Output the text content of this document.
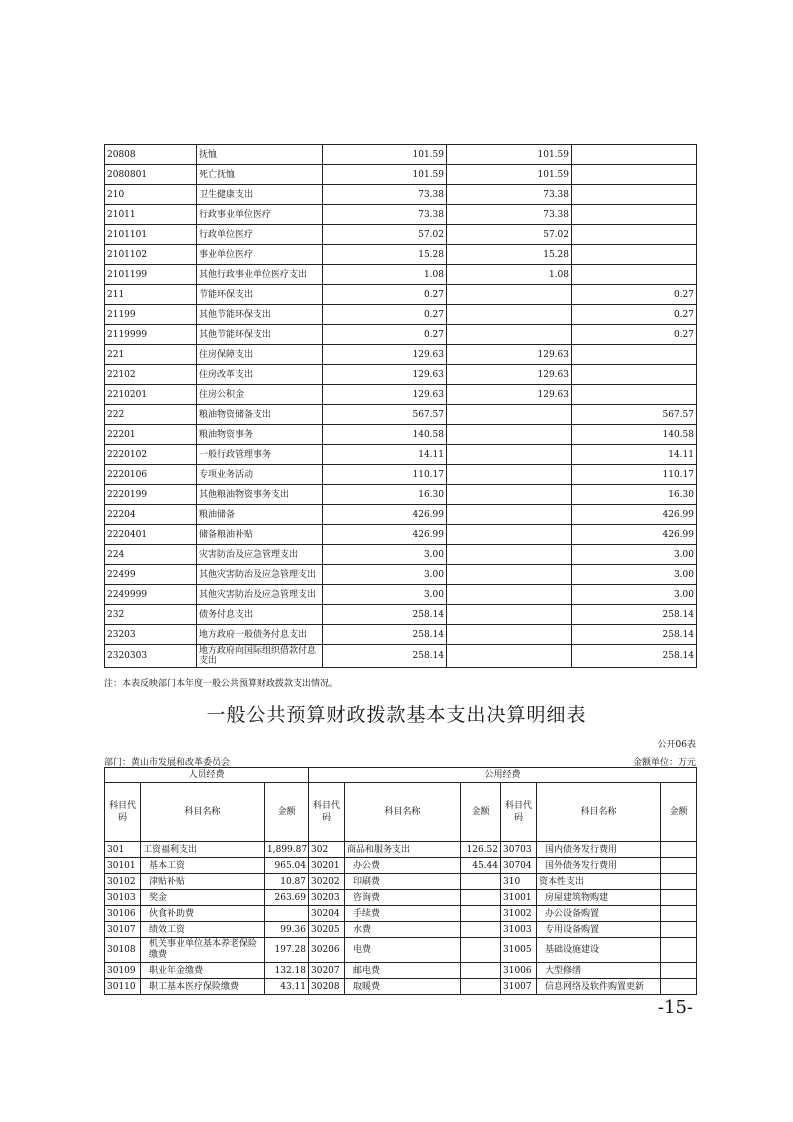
20808	抚恤	101.59	101.59	
2080801	死亡抚恤	101.59	101.59	
210	卫生健康支出	73.38	73.38	
21011	行政事业单位医疗	73.38	73.38	
2101101	行政单位医疗	57.02	57.02	
2101102	事业单位医疗	15.28	15.28	
2101199	其他行政事业单位医疗支出	1.08	1.08	
211	节能环保支出	0.27		0.27
21199	其他节能环保支出	0.27		0.27
2119999	其他节能环保支出	0.27		0.27
221	住房保障支出	129.63	129.63	
22102	住房改革支出	129.63	129.63	
2210201	住房公积金	129.63	129.63	
222	粮油物资储备支出	567.57		567.57
22201	粮油物资事务	140.58		140.58
2220102	一般行政管理事务	14.11		14.11
2220106	专项业务活动	110.17		110.17
2220199	其他粮油物资事务支出	16.30		16.30
22204	粮油储备	426.99		426.99
2220401	储备粮油补贴	426.99		426.99
224	灾害防治及应急管理支出	3.00		3.00
22499	其他灾害防治及应急管理支出	3.00		3.00
2249999	其他灾害防治及应急管理支出	3.00		3.00
232	债务付息支出	258.14		258.14
23203	地方政府一般债务付息支出	258.14		258.14
2320303	地方政府向国际组织借款付息支出	258.14		258.14
注：本表反映部门本年度一般公共预算财政拨款支出情况。
一般公共预算财政拨款基本支出决算明细表
公开06表
部门：黄山市发展和改革委员会	金额单位：万元
人员经费			公用经费					
科目代码	科目名称	金额	科目代码	科目名称	金额	科目代码	科目名称	金额
301	工资福利支出	1,899.87	302	商品和服务支出	126.52	30703	国内债务发行费用	
30101	基本工资	965.04	30201	办公费	45.44	30704	国外债务发行费用	
30102	津贴补贴	10.87	30202	印刷费		310	资本性支出	
30103	奖金	263.69	30203	咨询费		31001	房屋建筑物购建	
30106	伙食补助费		30204	手续费		31002	办公设备购置	
30107	绩效工资	99.36	30205	水费		31003	专用设备购置	
30108	机关事业单位基本养老保险缴费	197.28	30206	电费		31005	基础设施建设	
30109	职业年金缴费	132.18	30207	邮电费		31006	大型修缮	
30110	职工基本医疗保险缴费	43.11	30208	取暖费		31007	信息网络及软件购置更新	
-15-
